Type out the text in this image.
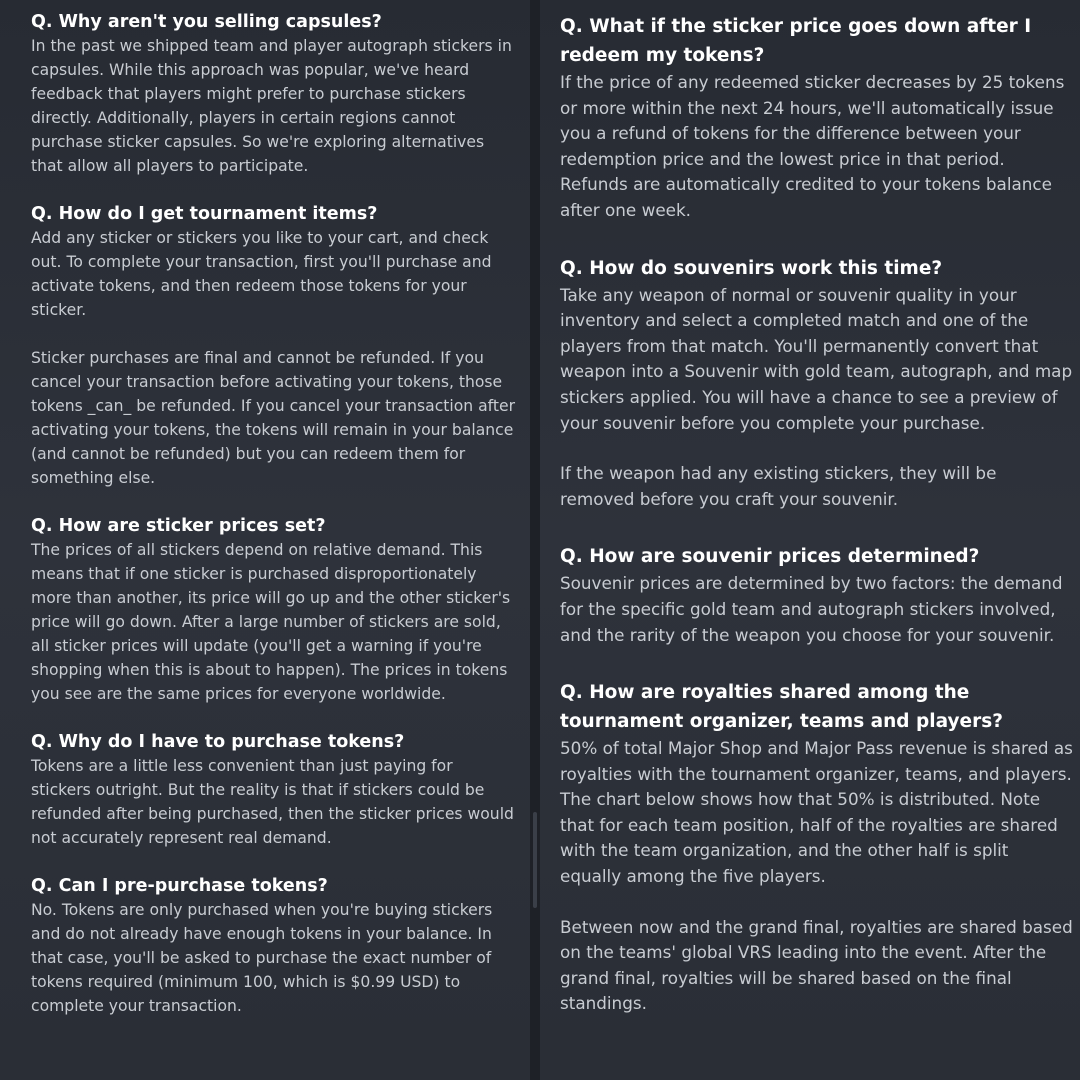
Q. Why aren't you selling capsules?

In the past we shipped team and player autograph stickers in capsules. While this approach was popular, we've heard feedback that players might prefer to purchase stickers directly. Additionally, players in certain regions cannot purchase sticker capsules. So we're exploring alternatives that allow all players to participate.

Q. How do I get tournament items?

Add any sticker or stickers you like to your cart, and check out. To complete your transaction, first you'll purchase and activate tokens, and then redeem those tokens for your sticker.

Sticker purchases are final and cannot be refunded. If you cancel your transaction before activating your tokens, those tokens _can_ be refunded. If you cancel your transaction after activating your tokens, the tokens will remain in your balance (and cannot be refunded) but you can redeem them for something else.

Q. How are sticker prices set?

The prices of all stickers depend on relative demand. This means that if one sticker is purchased disproportionately more than another, its price will go up and the other sticker's price will go down. After a large number of stickers are sold, all sticker prices will update (you'll get a warning if you're shopping when this is about to happen). The prices in tokens you see are the same prices for everyone worldwide.

Q. Why do I have to purchase tokens?

Tokens are a little less convenient than just paying for stickers outright. But the reality is that if stickers could be refunded after being purchased, then the sticker prices would not accurately represent real demand.

Q. Can I pre-purchase tokens?

No. Tokens are only purchased when you're buying stickers and do not already have enough tokens in your balance. In that case, you'll be asked to purchase the exact number of tokens required (minimum 100, which is $0.99 USD) to complete your transaction.

Q. What if the sticker price goes down after I redeem my tokens?

If the price of any redeemed sticker decreases by 25 tokens or more within the next 24 hours, we'll automatically issue you a refund of tokens for the difference between your redemption price and the lowest price in that period. Refunds are automatically credited to your tokens balance after one week.

Q. How do souvenirs work this time?

Take any weapon of normal or souvenir quality in your inventory and select a completed match and one of the players from that match. You'll permanently convert that weapon into a Souvenir with gold team, autograph, and map stickers applied. You will have a chance to see a preview of your souvenir before you complete your purchase.

If the weapon had any existing stickers, they will be removed before you craft your souvenir.

Q. How are souvenir prices determined?

Souvenir prices are determined by two factors: the demand for the specific gold team and autograph stickers involved, and the rarity of the weapon you choose for your souvenir.

Q. How are royalties shared among the tournament organizer, teams and players?

50% of total Major Shop and Major Pass revenue is shared as royalties with the tournament organizer, teams, and players. The chart below shows how that 50% is distributed. Note that for each team position, half of the royalties are shared with the team organization, and the other half is split equally among the five players.

Between now and the grand final, royalties are shared based on the teams' global VRS leading into the event. After the grand final, royalties will be shared based on the final standings.
